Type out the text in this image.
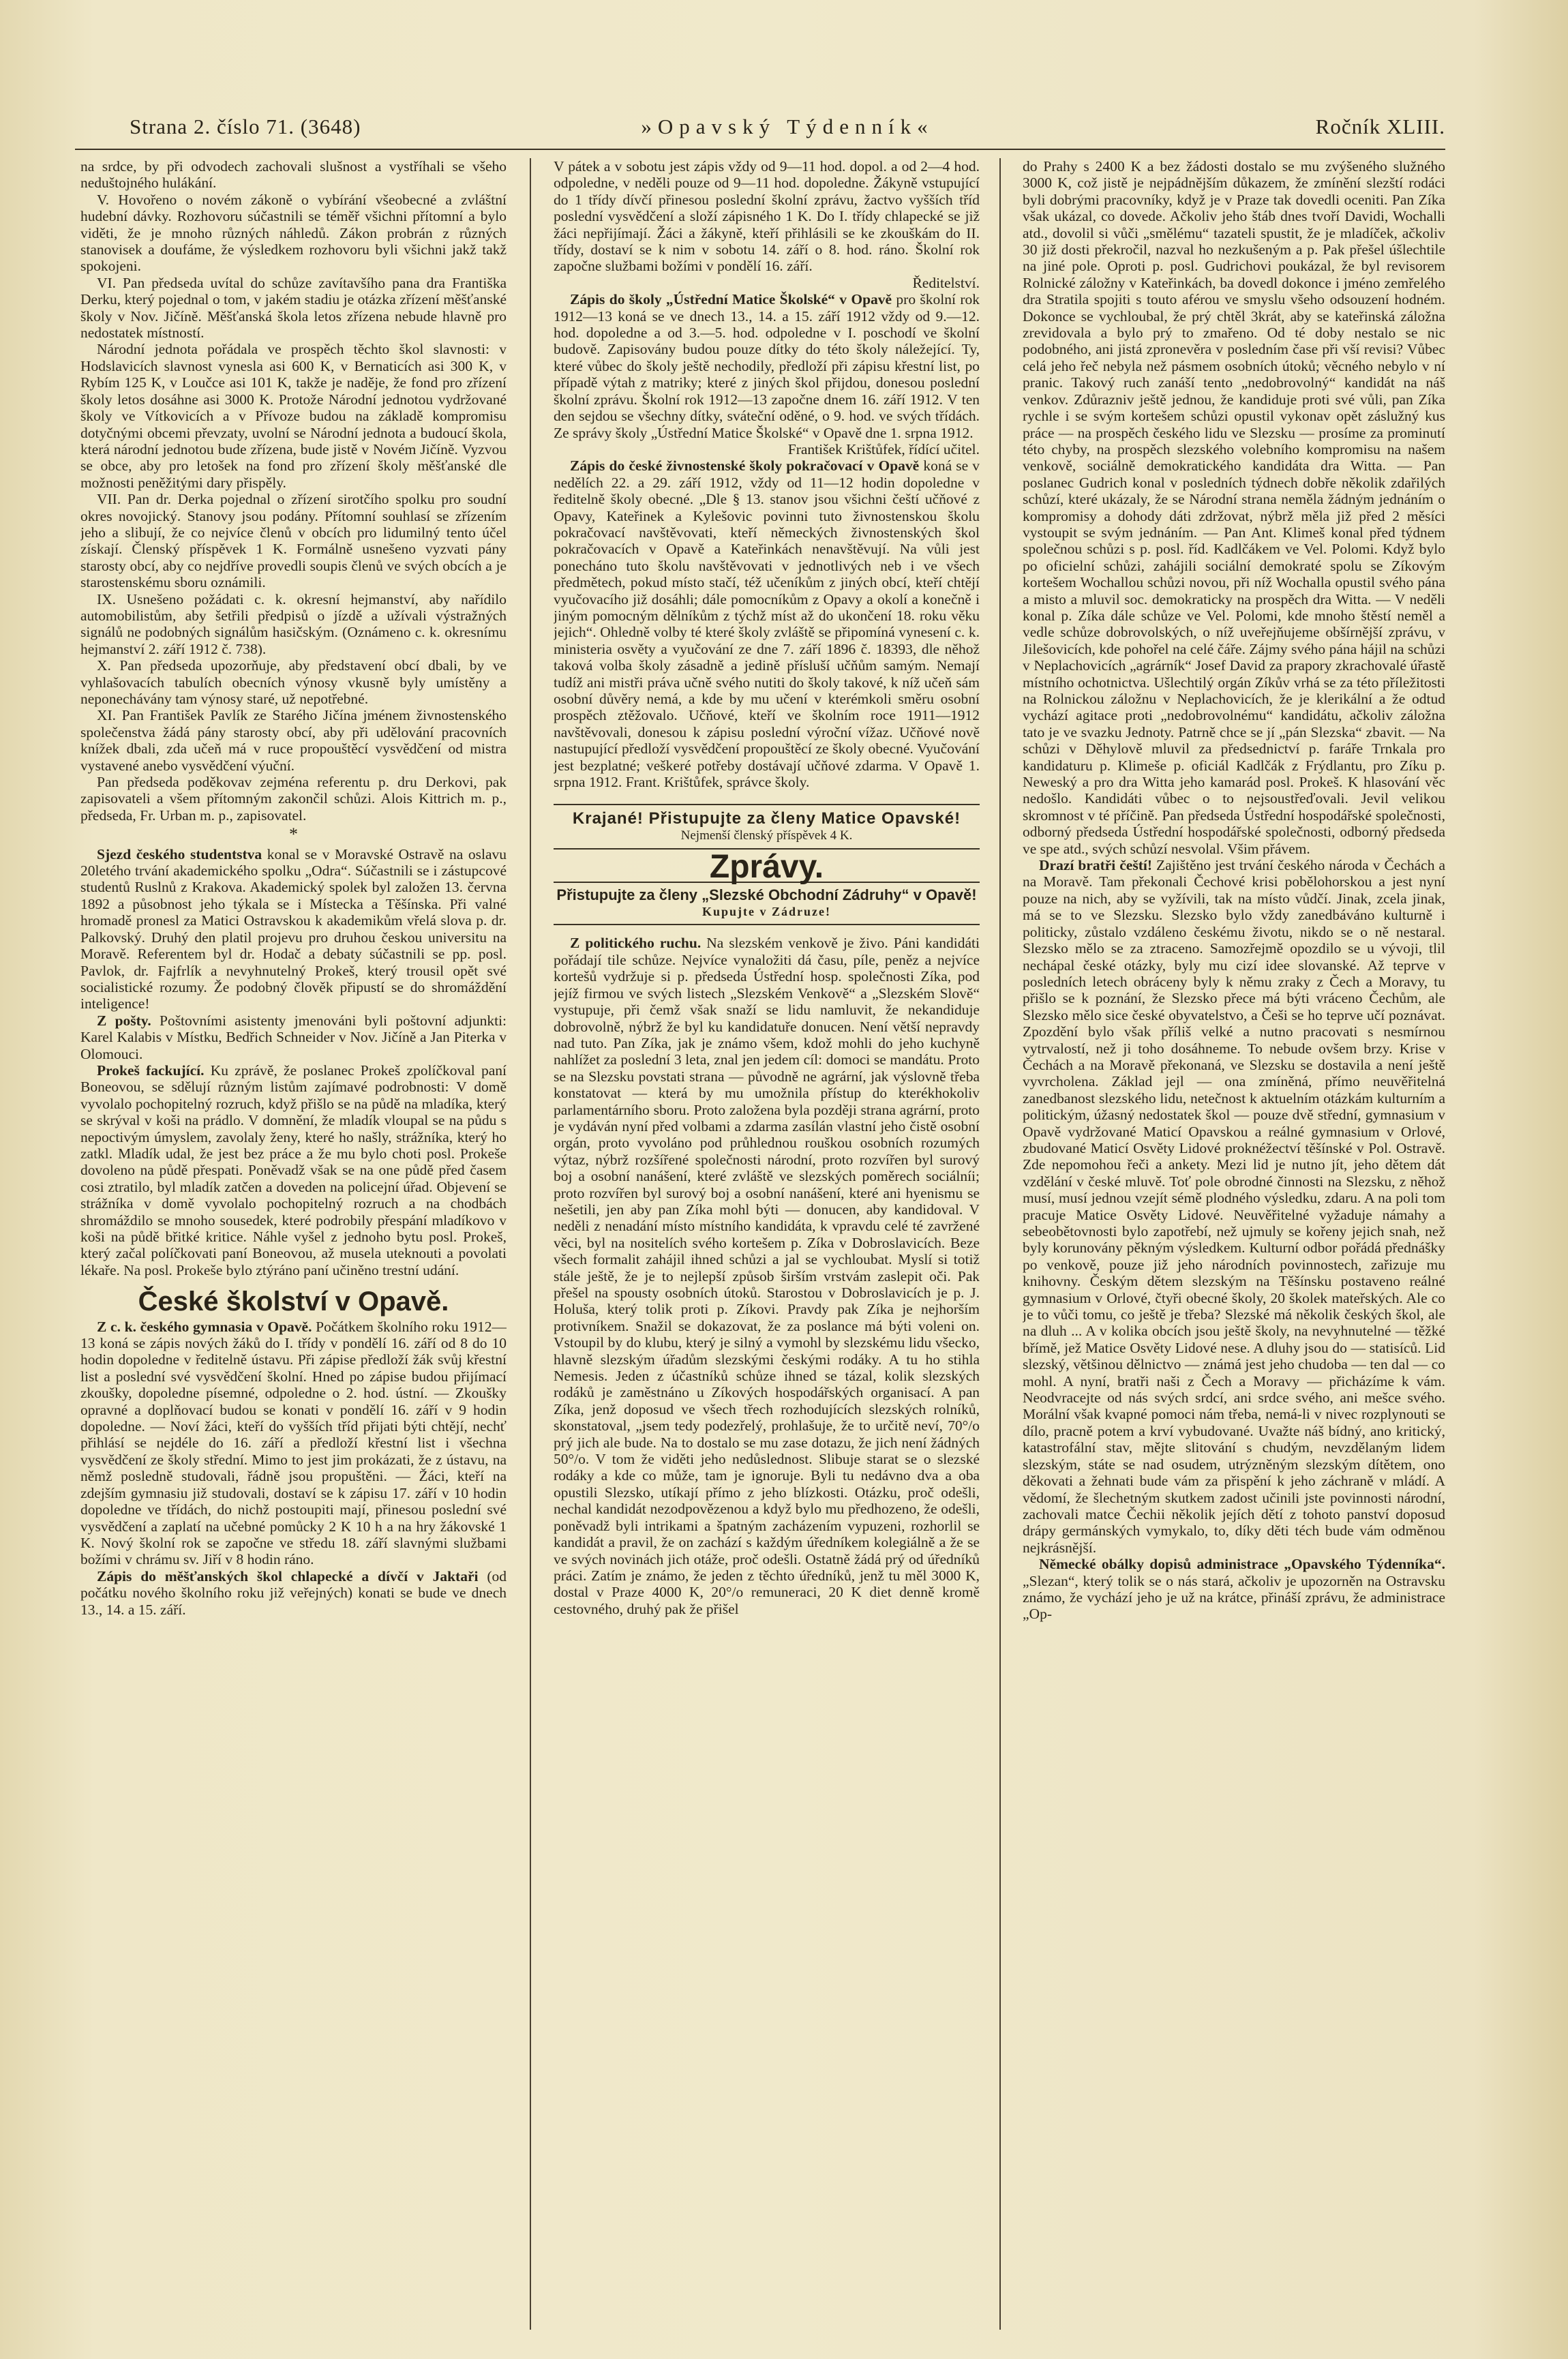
Strana 2. číslo 71. (3648)	»Opavský Týdenník«	Ročník XLIII.

na srdce, by při odvodech zachovali slušnost a vystříhali se všeho neduštojného hulákání.

V. Hovořeno o novém zákoně o vybírání všeobecné a zvláštní hudební dávky. Rozhovoru súčastnili se téměř všichni přítomní a bylo viděti, že je mnoho různých náhledů. Zákon probrán z různých stanovisek a doufáme, že výsledkem rozhovoru byli všichni jakž takž spokojeni.

VI. Pan předseda uvítal do schůze zavítavšího pana dra Františka Derku, který pojednal o tom, v jakém stadiu je otázka zřízení měšťanské školy v Nov. Jičíně. Měšťanská škola letos zřízena nebude hlavně pro nedostatek místností.

Národní jednota pořádala ve prospěch těchto škol slavnosti: v Hodslavicích slavnost vynesla asi 600 K, v Bernaticích asi 300 K, v Rybím 125 K, v Loučce asi 101 K, takže je naděje, že fond pro zřízení školy letos dosáhne asi 3000 K. Protože Národní jednotou vydržované školy ve Vítkovicích a v Přívoze budou na základě kompromisu dotyčnými obcemi převzaty, uvolní se Národní jednota a budoucí škola, která národní jednotou bude zřízena, bude jistě v Novém Jičíně. Vyzvou se obce, aby pro letošek na fond pro zřízení školy měšťanské dle možnosti peněžitými dary přispěly.

VII. Pan dr. Derka pojednal o zřízení sirotčího spolku pro soudní okres novojický. Stanovy jsou podány. Přítomní souhlasí se zřízením jeho a slibují, že co nejvíce členů v obcích pro lidumilný tento účel získají. Členský příspěvek 1 K. Formálně usnešeno vyzvati pány starosty obcí, aby co nejdříve provedli soupis členů ve svých obcích a je starostenskému sboru oznámili.

IX. Usnešeno požádati c. k. okresní hejmanství, aby nařídilo automobilistům, aby šetřili předpisů o jízdě a užívali výstražných signálů ne podobných signálům hasičským. (Oznámeno c. k. okresnímu hejmanství 2. září 1912 č. 738).

X. Pan předseda upozorňuje, aby představení obcí dbali, by ve vyhlašovacích tabulích obecních výnosy vkusně byly umístěny a neponechávány tam výnosy staré, už nepotřebné.

XI. Pan František Pavlík ze Starého Jičína jménem živnostenského společenstva žádá pány starosty obcí, aby při udělování pracovních knížek dbali, zda učeň má v ruce propouštěcí vysvědčení od mistra vystavené anebo vysvědčení výuční.

Pan předseda poděkovav zejména referentu p. dru Derkovi, pak zapisovateli a všem přítomným zakončil schůzi. Alois Kittrich m. p., předseda, Fr. Urban m. p., zapisovatel.

*

Sjezd českého studentstva konal se v Moravské Ostravě na oslavu 20letého trvání akademického spolku „Odra“. Súčastnili se i zástupcové studentů Ruslnů z Krakova. Akademický spolek byl založen 13. června 1892 a působnost jeho týkala se i Místecka a Těšínska. Při valné hromadě pronesl za Matici Ostravskou k akademikům vřelá slova p. dr. Palkovský. Druhý den platil projevu pro druhou českou universitu na Moravě. Referentem byl dr. Hodač a debaty súčastnili se pp. posl. Pavlok, dr. Fajfrlík a nevyhnutelný Prokeš, který trousil opět své socialistické rozumy. Že podobný člověk připustí se do shromáždění inteligence!

Z pošty. Poštovními asistenty jmenováni byli poštovní adjunkti: Karel Kalabis v Místku, Bedřich Schneider v Nov. Jičíně a Jan Piterka v Olomouci.

Prokeš fackující. Ku zprávě, že poslanec Prokeš zpolíčkoval paní Boneovou, se sdělují různým listům zajímavé podrobnosti: V domě vyvolalo pochopitelný rozruch, když přišlo se na půdě na mladíka, který se skrýval v koši na prádlo. V domnění, že mladík vloupal se na půdu s nepoctivým úmyslem, zavolaly ženy, které ho našly, strážníka, který ho zatkl. Mladík udal, že jest bez práce a že mu bylo choti posl. Prokeše dovoleno na půdě přespati. Poněvadž však se na one půdě před časem cosi ztratilo, byl mladík zatčen a doveden na policejní úřad. Objevení se strážníka v domě vyvolalo pochopitelný rozruch a na chodbách shromáždilo se mnoho sousedek, které podrobily přespání mladíkovo v koši na půdě břitké kritice. Náhle vyšel z jednoho bytu posl. Prokeš, který začal políčkovati paní Boneovou, až musela uteknouti a povolati lékaře. Na posl. Prokeše bylo ztýráno paní učiněno trestní udání.

České školství v Opavě.

Z c. k. českého gymnasia v Opavě. Počátkem školního roku 1912—13 koná se zápis nových žáků do I. třídy v pondělí 16. září od 8 do 10 hodin dopoledne v ředitelně ústavu. Při zápise předloží žák svůj křestní list a poslední své vysvědčení školní. Hned po zápise budou přijímací zkoušky, dopoledne písemné, odpoledne o 2. hod. ústní. — Zkoušky opravné a doplňovací budou se konati v pondělí 16. září v 9 hodin dopoledne. — Noví žáci, kteří do vyšších tříd přijati býti chtějí, nechť přihlásí se nejdéle do 16. září a předloží křestní list i všechna vysvědčení ze školy střední. Mimo to jest jim prokázati, že z ústavu, na němž posledně studovali, řádně jsou propuštěni. — Žáci, kteří na zdejším gymnasiu již studovali, dostaví se k zápisu 17. září v 10 hodin dopoledne ve třídách, do nichž postoupiti mají, přinesou poslední své vysvědčení a zaplatí na učebné pomůcky 2 K 10 h a na hry žákovské 1 K. Nový školní rok se započne ve středu 18. září slavnými službami božími v chrámu sv. Jiří v 8 hodin ráno.

Zápis do měšťanských škol chlapecké a dívčí v Jaktaři (od počátku nového školního roku již veřejných) konati se bude ve dnech 13., 14. a 15. září.

V pátek a v sobotu jest zápis vždy od 9—11 hod. dopol. a od 2—4 hod. odpoledne, v neděli pouze od 9—11 hod. dopoledne. Žákyně vstupující do 1 třídy dívčí přinesou poslední školní zprávu, žactvo vyšších tříd poslední vysvědčení a složí zápisného 1 K. Do I. třídy chlapecké se již žáci nepřijímají. Žáci a žákyně, kteří přihlásili se ke zkouškám do II. třídy, dostaví se k nim v sobotu 14. září o 8. hod. ráno. Školní rok započne službami božími v pondělí 16. září.

Ředitelství.

Zápis do školy „Ústřední Matice Školské“ v Opavě pro školní rok 1912—13 koná se ve dnech 13., 14. a 15. září 1912 vždy od 9.—12. hod. dopoledne a od 3.—5. hod. odpoledne v I. poschodí ve školní budově. Zapisovány budou pouze dítky do této školy náležející. Ty, které vůbec do školy ještě nechodily, předloží při zápisu křestní list, po případě výtah z matriky; které z jiných škol přijdou, donesou poslední školní zprávu. Školní rok 1912—13 započne dnem 16. září 1912. V ten den sejdou se všechny dítky, sváteční oděné, o 9. hod. ve svých třídách. Ze správy školy „Ústřední Matice Školské“ v Opavě dne 1. srpna 1912.

František Krištůfek, řídící učitel.

Zápis do české živnostenské školy pokračovací v Opavě koná se v nedělích 22. a 29. září 1912, vždy od 11—12 hodin dopoledne v ředitelně školy obecné. „Dle § 13. stanov jsou všichni čeští učňové z Opavy, Kateřinek a Kylešovic povinni tuto živnostenskou školu pokračovací navštěvovati, kteří německých živnostenských škol pokračovacích v Opavě a Kateřinkách nenavštěvují. Na vůli jest ponecháno tuto školu navštěvovati v jednotlivých neb i ve všech předmětech, pokud místo stačí, též učeníkům z jiných obcí, kteří chtějí vyučovacího již dosáhli; dále pomocníkům z Opavy a okolí a konečně i jiným pomocným dělníkům z týchž míst až do ukončení 18. roku věku jejich“. Ohledně volby té které školy zvláště se připomíná vynesení c. k. ministeria osvěty a vyučování ze dne 7. září 1896 č. 18393, dle něhož taková volba školy zásadně a jedině přísluší učňům samým. Nemají tudíž ani mistři práva učně svého nutiti do školy takové, k níž učeň sám osobní důvěry nemá, a kde by mu učení v kterémkoli směru osobní prospěch ztěžovalo. Učňové, kteří ve školním roce 1911—1912 navštěvovali, donesou k zápisu poslední výroční vížaz. Učňové nově nastupující předloží vysvědčení propouštěcí ze školy obecné. Vyučování jest bezplatné; veškeré potřeby dostávají učňové zdarma. V Opavě 1. srpna 1912. Frant. Krištůfek, správce školy.

Krajané! Přistupujte za členy Matice Opavské!
Nejmenší členský příspěvek 4 K.
Zprávy.
Přistupujte za členy „Slezské Obchodní Zádruhy“ v Opavě!
Kupujte v Zádruze!

Z politického ruchu. Na slezském venkově je živo. Páni kandidáti pořádají tile schůze. Nejvíce vynaložiti dá času, píle, peněz a nejvíce kortešů vydržuje si p. předseda Ústřední hosp. společnosti Zíka, pod jejíž firmou ve svých listech „Slezském Venkově“ a „Slezském Slově“ vystupuje, při čemž však snaží se lidu namluvit, že nekandiduje dobrovolně, nýbrž že byl ku kandidatuře donucen. Není větší nepravdy nad tuto. Pan Zíka, jak je známo všem, kdož mohli do jeho kuchyně nahlížet za poslední 3 leta, znal jen jedem cíl: domoci se mandátu. Proto se na Slezsku povstati strana — původně ne agrární, jak výslovně třeba konstatovat — která by mu umožnila přístup do kterékhokoliv parlamentárního sboru. Proto založena byla později strana agrární, proto je vydáván nyní před volbami a zdarma zasílán vlastní jeho čistě osobní orgán, proto vyvoláno pod průhlednou rouškou osobních rozumých výtaz, nýbrž rozšířené společnosti národní, proto rozvířen byl surový boj a osobní nanášení, které zvláště ve slezských poměrech sociálníi; proto rozvířen byl surový boj a osobní nanášení, které ani hyenismu se nešetili, jen aby pan Zíka mohl býti — donucen, aby kandidoval. V neděli z nenadání místo místního kandidáta, k vpravdu celé té zavržené věci, byl na nositelích svého kortešem p. Zíka v Dobroslavicích. Beze všech formalit zahájil ihned schůzi a jal se vychloubat. Myslí si totiž stále ještě, že je to nejlepší způsob širším vrstvám zaslepit oči. Pak přešel na spousty osobních útoků. Starostou v Dobroslavicích je p. J. Holuša, který tolik proti p. Zíkovi. Pravdy pak Zíka je nejhorším protivníkem. Snažil se dokazovat, že za poslance má býti voleni on. Vstoupil by do klubu, který je silný a vymohl by slezskému lidu všecko, hlavně slezským úřadům slezskými českými rodáky. A tu ho stihla Nemesis. Jeden z účastníků schůze ihned se tázal, kolik slezských rodáků je zaměstnáno u Zíkových hospodářských organisací. A pan Zíka, jenž doposud ve všech třech rozhodujících slezských rolníků, skonstatoval, „jsem tedy podezřelý, prohlašuje, že to určitě neví, 70°/o prý jich ale bude. Na to dostalo se mu zase dotazu, že jich není žádných 50°/o. V tom že viděti jeho nedůslednost. Slibuje starat se o slezské rodáky a kde co může, tam je ignoruje. Byli tu nedávno dva a oba opustili Slezsko, utíkají přímo z jeho blízkosti. Otázku, proč odešli, nechal kandidát nezodpovězenou a když bylo mu předhozeno, že odešli, poněvadž byli intrikami a špatným zacházením vypuzeni, rozhorlil se kandidát a pravil, že on zachází s každým úředníkem kolegiálně a že se ve svých novinách jich otáže, proč odešli. Ostatně žádá prý od úředníků práci. Zatím je známo, že jeden z těchto úředníků, jenž tu měl 3000 K, dostal v Praze 4000 K, 20°/o remuneraci, 20 K diet denně kromě cestovného, druhý pak že přišel

do Prahy s 2400 K a bez žádosti dostalo se mu zvýšeného služného 3000 K, což jistě je nejpádnějším důkazem, že zmínění slezští rodáci byli dobrými pracovníky, když je v Praze tak dovedli oceniti. Pan Zíka však ukázal, co dovede. Ačkoliv jeho štáb dnes tvoří Davidi, Wochalli atd., dovolil si vůči „smělému“ tazateli spustit, že je mladíček, ačkoliv 30 již dosti překročil, nazval ho nezkušeným a p. Pak přešel úšlechtile na jiné pole. Oproti p. posl. Gudrichovi poukázal, že byl revisorem Rolnické záložny v Kateřinkách, ba dovedl dokonce i jméno zemřelého dra Stratila spojiti s touto aférou ve smyslu všeho odsouzení hodném. Dokonce se vychloubal, že prý chtěl 3krát, aby se kateřinská záložna zrevidovala a bylo prý to zmařeno. Od té doby nestalo se nic podobného, ani jistá zpronevěra v posledním čase při vší revisi? Vůbec celá jeho řeč nebyla než pásmem osobních útoků; věcného nebylo v ní pranic. Takový ruch zanáší tento „nedobrovolný“ kandidát na náš venkov. Zdůrazniv ještě jednou, že kandiduje proti své vůli, pan Zíka rychle i se svým kortešem schůzi opustil vykonav opět záslužný kus práce — na prospěch českého lidu ve Slezsku — prosíme za prominutí této chyby, na prospěch slezského volebního kompromisu na našem venkově, sociálně demokratického kandidáta dra Witta. — Pan poslanec Gudrich konal v posledních týdnech dobře několik zdařilých schůzí, které ukázaly, že se Národní strana neměla žádným jednáním o kompromisy a dohody dáti zdržovat, nýbrž měla již před 2 měsíci vystoupit se svým jednáním. — Pan Ant. Klimeš konal před týdnem společnou schůzi s p. posl. říd. Kadlčákem ve Vel. Polomi. Když bylo po oficielní schůzi, zahájili sociální demokraté spolu se Zíkovým kortešem Wochallou schůzi novou, při níž Wochalla opustil svého pána a misto a mluvil soc. demokraticky na prospěch dra Witta. — V neděli konal p. Zíka dále schůze ve Vel. Polomi, kde mnoho štěstí neměl a vedle schůze dobrovolských, o níž uveřejňujeme obšírnější zprávu, v Jilešovicích, kde pohořel na celé čáře. Zájmy svého pána hájil na schůzi v Neplachovicích „agrárník“ Josef David za prapory zkrachovalé úřastě místního ochotnictva. Ušlechtilý orgán Zíkův vrhá se za této příležitosti na Rolnickou záložnu v Neplachovicích, že je klerikální a že odtud vychází agitace proti „nedobrovolnému“ kandidátu, ačkoliv záložna tato je ve svazku Jednoty. Patrně chce se jí „pán Slezska“ zbavit. — Na schůzi v Děhylově mluvil za předsednictví p. faráře Trnkala pro kandidaturu p. Klimeše p. oficiál Kadlčák z Frýdlantu, pro Zíku p. Neweský a pro dra Witta jeho kamarád posl. Prokeš. K hlasování věc nedošlo. Kandidáti vůbec o to nejsoustřeďovali. Jevil velikou skromnost v té příčině. Pan předseda Ústřední hospodářské společnosti, odborný předseda Ústřední hospodářské společnosti, odborný předseda ve spe atd., svých schůzí nesvolal. Všim přávem.

Drazí bratři čeští! Zajištěno jest trvání českého národa v Čechách a na Moravě. Tam překonali Čechové krisi pobělohorskou a jest nyní pouze na nich, aby se vyžívili, tak na místo vůdčí. Jinak, zcela jinak, má se to ve Slezsku. Slezsko bylo vždy zanedbáváno kulturně i politicky, zůstalo vzdáleno českému životu, nikdo se o ně nestaral. Slezsko mělo se za ztraceno. Samozřejmě opozdilo se u vývoji, tlil nechápal české otázky, byly mu cizí idee slovanské. Až teprve v posledních letech obráceny byly k němu zraky z Čech a Moravy, tu přišlo se k poznání, že Slezsko přece má býti vráceno Čechům, ale Slezsko mělo sice české obyvatelstvo, a Češi se ho teprve učí poznávat. Zpozdění bylo však příliš velké a nutno pracovati s nesmírnou vytrvalostí, než ji toho dosáhneme. To nebude ovšem brzy. Krise v Čechách a na Moravě překonaná, ve Slezsku se dostavila a není ještě vyvrcholena. Základ jejl — ona zmíněná, přímo neuvěřitelná zanedbanost slezského lidu, netečnost k aktuelním otázkám kulturním a politickým, úžasný nedostatek škol — pouze dvě střední, gymnasium v Opavě vydržované Maticí Opavskou a reálné gymnasium v Orlové, zbudované Maticí Osvěty Lidové proknéžectví těšínské v Pol. Ostravě. Zde nepomohou řeči a ankety. Mezi lid je nutno jít, jeho dětem dát vzdělání v české mluvě. Toť pole obrodné činnosti na Slezsku, z něhož musí, musí jednou vzejít sémě plodného výsledku, zdaru. A na poli tom pracuje Matice Osvěty Lidové. Neuvěřitelné vyžaduje námahy a sebeobětovnosti bylo zapotřebí, než ujmuly se kořeny jejich snah, než byly korunovány pěkným výsledkem. Kulturní odbor pořádá přednášky po venkově, pouze již jeho národních povinnostech, zařizuje mu knihovny. Českým dětem slezským na Těšínsku postaveno reálné gymnasium v Orlové, čtyři obecné školy, 20 školek mateřských. Ale co je to vůči tomu, co ještě je třeba? Slezské má několik českých škol, ale na dluh ... A v kolika obcích jsou ještě školy, na nevyhnutelné — těžké břímě, jež Matice Osvěty Lidové nese. A dluhy jsou do — statisíců. Lid slezský, většinou dělnictvo — známá jest jeho chudoba — ten dal — co mohl. A nyní, bratři naši z Čech a Moravy — přicházíme k vám. Neodvracejte od nás svých srdcí, ani srdce svého, ani mešce svého. Morální však kvapné pomoci nám třeba, nemá-li v nivec rozplynouti se dílo, pracně potem a krví vybudované. Uvažte náš bídný, ano kritický, katastrofální stav, mějte slitování s chudým, nevzdělaným lidem slezským, státe se nad osudem, utrýzněným slezským dítětem, ono děkovati a žehnati bude vám za přispění k jeho záchraně v mládí. A vědomí, že šlechetným skutkem zadost učinili jste povinnosti národní, zachovali matce Čechii několik jejích dětí z tohoto panství doposud drápy germánských vymykalo, to, díky děti téch bude vám odměnou nejkrásnější.

Německé obálky dopisů administrace „Opavského Týdenníka“. „Slezan“, který tolik se o nás stará, ačkoliv je upozorněn na Ostravsku známo, že vychází jeho je už na krátce, přináší zprávu, že administrace „Op-
